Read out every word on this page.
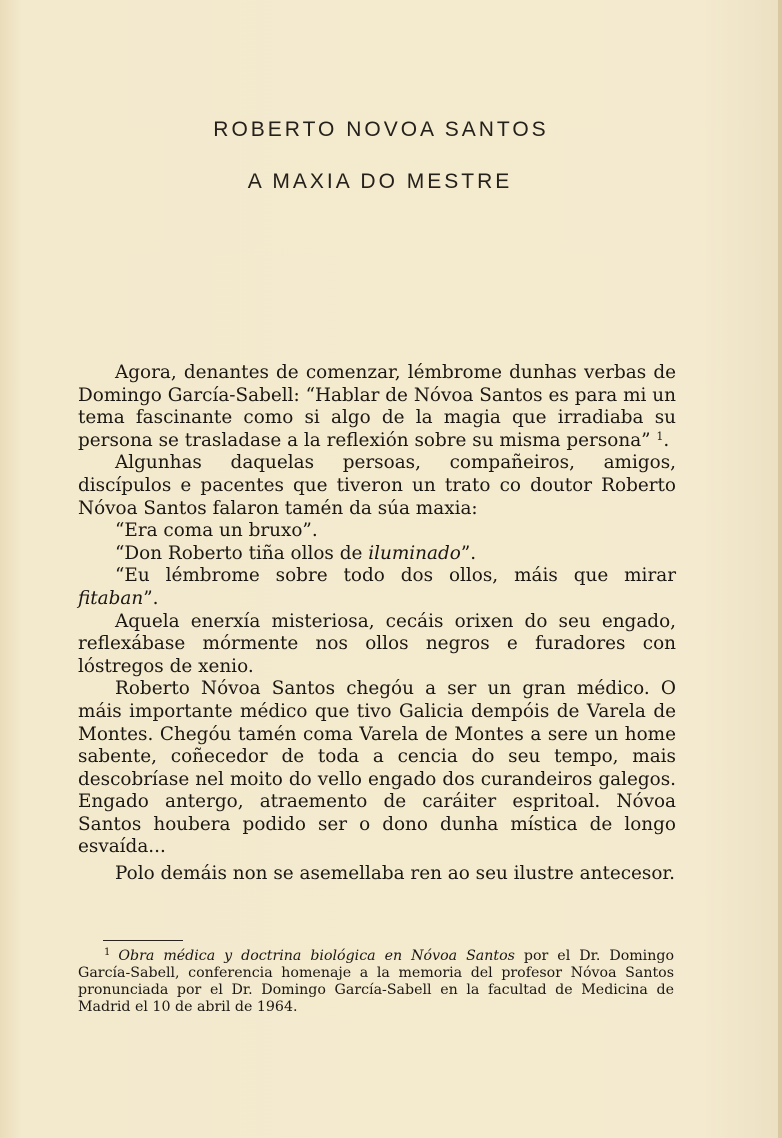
ROBERTO NOVOA SANTOS
A MAXIA DO MESTRE

Agora, denantes de comenzar, lémbrome dunhas verbas de Domingo García-Sabell: “Hablar de Nóvoa Santos es para mi un tema fascinante como si algo de la magia que irradiaba su persona se trasladase a la reflexión sobre su misma persona” $^1$.

Algunhas daquelas persoas, compañeiros, amigos, discípulos e pacentes que tiveron un trato co doutor Roberto Nóvoa Santos falaron tamén da súa maxia:

“Era coma un bruxo”.

“Don Roberto tiña ollos de iluminado”.

“Eu lémbrome sobre todo dos ollos, máis que mirar fitaban”.

Aquela enerxía misteriosa, cecáis orixen do seu engado, reflexábase mórmente nos ollos negros e furadores con lóstregos de xenio.

Roberto Nóvoa Santos chegóu a ser un gran médico. O máis importante médico que tivo Galicia dempóis de Varela de Montes. Chegóu tamén coma Varela de Montes a sere un home sabente, coñecedor de toda a cencia do seu tempo, mais descobríase nel moito do vello engado dos curandeiros galegos. Engado antergo, atraemento de caráiter espritoal. Nóvoa Santos houbera podido ser o dono dunha mística de longo esvaída...

Polo demáis non se asemellaba ren ao seu ilustre antecesor.

$^1$ Obra médica y doctrina biológica en Nóvoa Santos por el Dr. Domingo García-Sabell, conferencia homenaje a la memoria del profesor Nóvoa Santos pronunciada por el Dr. Domingo García-Sabell en la facultad de Medicina de Madrid el 10 de abril de 1964.
